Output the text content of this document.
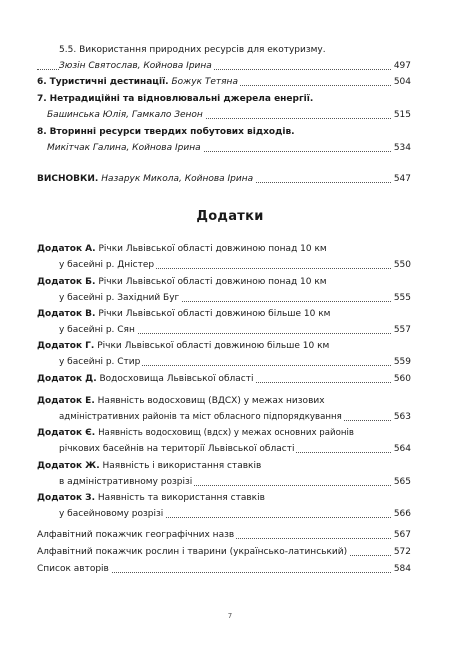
5.5. Використання природних ресурсів для екотуризму.
Зюзін Святослав, Койнова Ірина	497
6. Туристичні дестинації. Божук Тетяна	504
7. Нетрадиційні та відновлювальні джерела енергії.
Башинська Юлія, Гамкало Зенон	515
8. Вторинні ресурси твердих побутових відходів.
Микітчак Галина, Койнова Ірина	534
ВИСНОВКИ. Назарук Микола, Койнова Ірина	547
Додатки
Додаток А. Річки Львівської області довжиною понад 10 км
у басейні р. Дністер	550
Додаток Б. Річки Львівської області довжиною понад 10 км
у басейні р. Західний Буг	555
Додаток В. Річки Львівської області довжиною більше 10 км
у басейні р. Сян	557
Додаток Г. Річки Львівської області довжиною більше 10 км
у басейні р. Стир	559
Додаток Д. Водосховища Львівської області	560
Додаток Е. Наявність водосховищ (ВДСХ) у межах низових
адміністративних районів та міст обласного підпорядкування	563
Додаток Є. Наявність водосховищ (вдсх) у межах основних районів
річкових басейнів на території Львівської області	564
Додаток Ж. Наявність і використання ставків
в адміністративному розрізі	565
Додаток З. Наявність та використання ставків
у басейновому розрізі	566
Алфавітний покажчик географічних назв	567
Алфавітний покажчик рослин і тварини (українсько-латинський)	572
Список авторів	584
7
